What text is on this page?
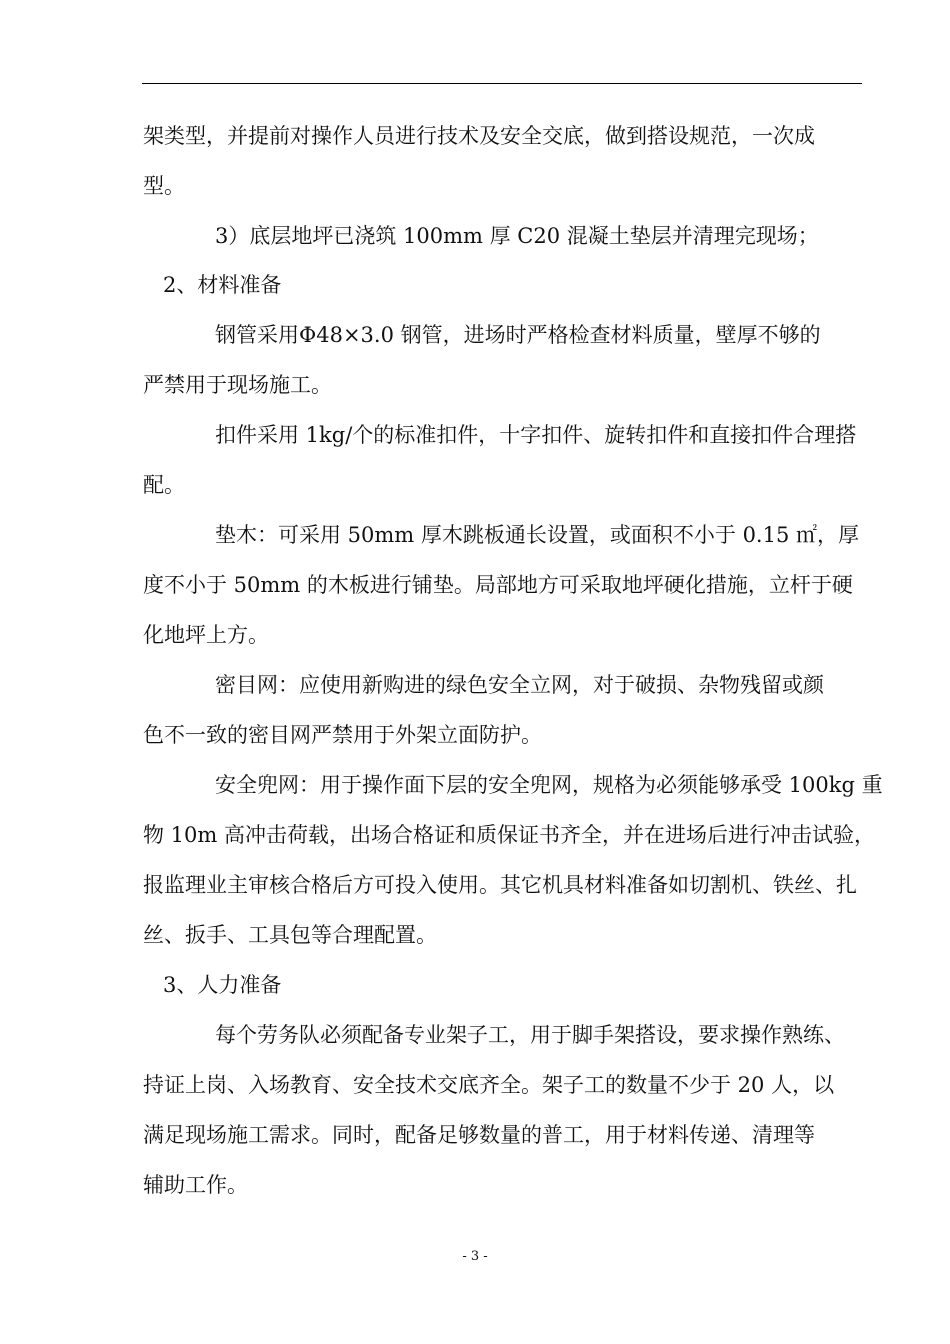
架类型，并提前对操作人员进行技术及安全交底，做到搭设规范，一次成
型。
3）底层地坪已浇筑 100mm 厚 C20 混凝土垫层并清理完现场；
2、材料准备
钢管采用Φ48×3.0 钢管，进场时严格检查材料质量，壁厚不够的
严禁用于现场施工。
扣件采用 1kg/个的标准扣件，十字扣件、旋转扣件和直接扣件合理搭
配。
垫木：可采用 50mm 厚木跳板通长设置，或面积不小于 0.15 ㎡，厚
度不小于 50mm 的木板进行铺垫。局部地方可采取地坪硬化措施，立杆于硬
化地坪上方。
密目网：应使用新购进的绿色安全立网，对于破损、杂物残留或颜
色不一致的密目网严禁用于外架立面防护。
安全兜网：用于操作面下层的安全兜网，规格为必须能够承受 100kg 重
物 10m 高冲击荷载，出场合格证和质保证书齐全，并在进场后进行冲击试验，
报监理业主审核合格后方可投入使用。其它机具材料准备如切割机、铁丝、扎
丝、扳手、工具包等合理配置。
3、人力准备
每个劳务队必须配备专业架子工，用于脚手架搭设，要求操作熟练、
持证上岗、入场教育、安全技术交底齐全。架子工的数量不少于 20 人，以
满足现场施工需求。同时，配备足够数量的普工，用于材料传递、清理等
辅助工作。
- 3 -
